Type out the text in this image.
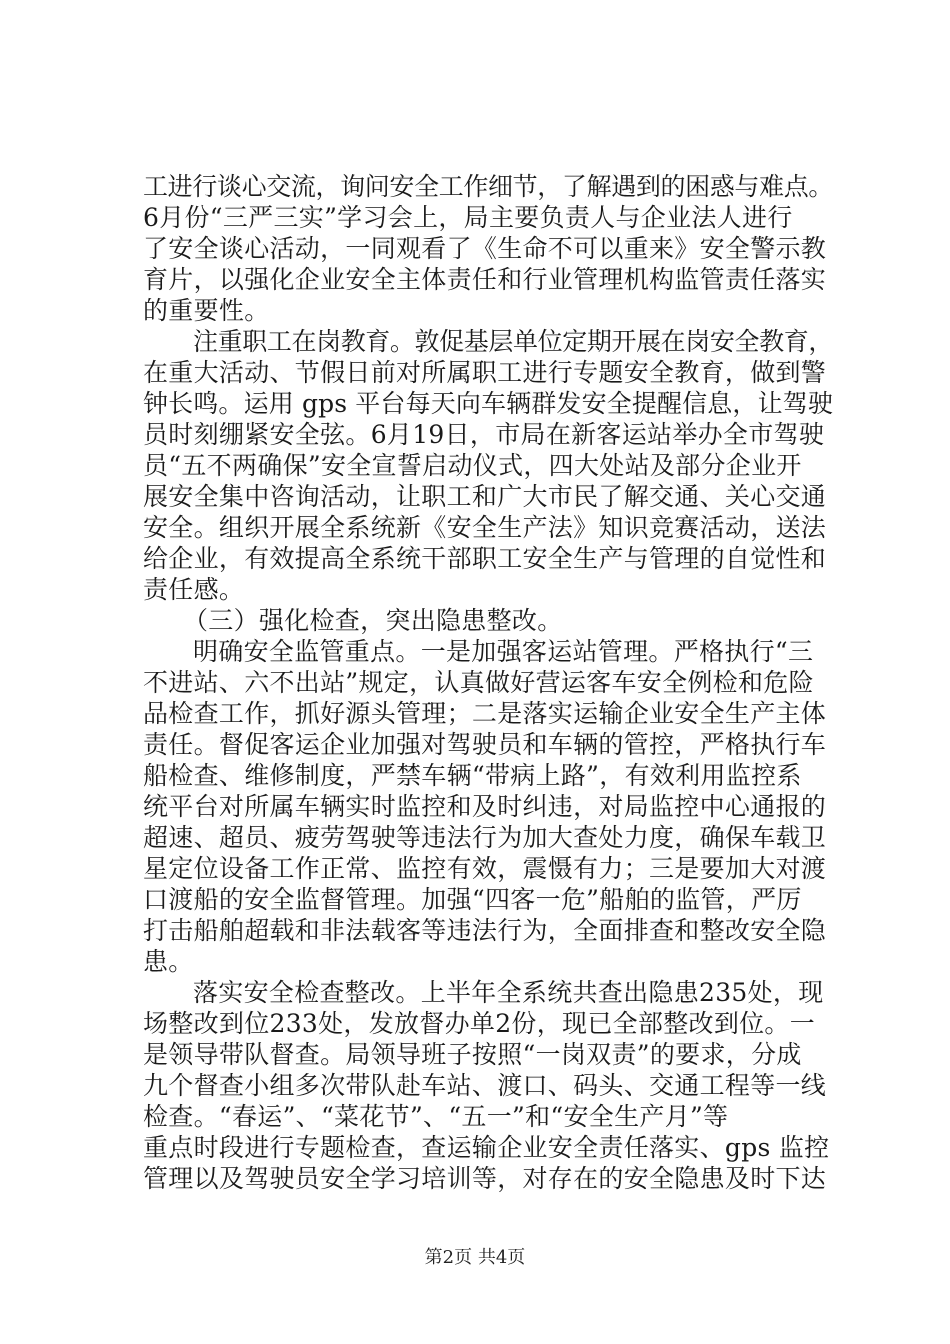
工进行谈心交流，询问安全工作细节，了解遇到的困惑与难点。
6月份“三严三实”学习会上，局主要负责人与企业法人进行
了安全谈心活动，一同观看了《生命不可以重来》安全警示教
育片，以强化企业安全主体责任和行业管理机构监管责任落实
的重要性。
注重职工在岗教育。敦促基层单位定期开展在岗安全教育，
在重大活动、节假日前对所属职工进行专题安全教育，做到警
钟长鸣。运用 gps 平台每天向车辆群发安全提醒信息，让驾驶
员时刻绷紧安全弦。6月19日，市局在新客运站举办全市驾驶
员“五不两确保”安全宣誓启动仪式，四大处站及部分企业开
展安全集中咨询活动，让职工和广大市民了解交通、关心交通
安全。组织开展全系统新《安全生产法》知识竞赛活动，送法
给企业，有效提高全系统干部职工安全生产与管理的自觉性和
责任感。
（三）强化检查，突出隐患整改。
明确安全监管重点。一是加强客运站管理。严格执行“三
不进站、六不出站”规定，认真做好营运客车安全例检和危险
品检查工作，抓好源头管理；二是落实运输企业安全生产主体
责任。督促客运企业加强对驾驶员和车辆的管控，严格执行车
船检查、维修制度，严禁车辆“带病上路”，有效利用监控系
统平台对所属车辆实时监控和及时纠违，对局监控中心通报的
超速、超员、疲劳驾驶等违法行为加大查处力度，确保车载卫
星定位设备工作正常、监控有效，震慑有力；三是要加大对渡
口渡船的安全监督管理。加强“四客一危”船舶的监管，严厉
打击船舶超载和非法载客等违法行为，全面排查和整改安全隐
患。
落实安全检查整改。上半年全系统共查出隐患235处，现
场整改到位233处，发放督办单2份，现已全部整改到位。一
是领导带队督查。局领导班子按照“一岗双责”的要求，分成
九个督查小组多次带队赴车站、渡口、码头、交通工程等一线
检查。“春运”、“菜花节”、“五一”和“安全生产月”等
重点时段进行专题检查，查运输企业安全责任落实、gps 监控
管理以及驾驶员安全学习培训等，对存在的安全隐患及时下达
第2页 共4页
